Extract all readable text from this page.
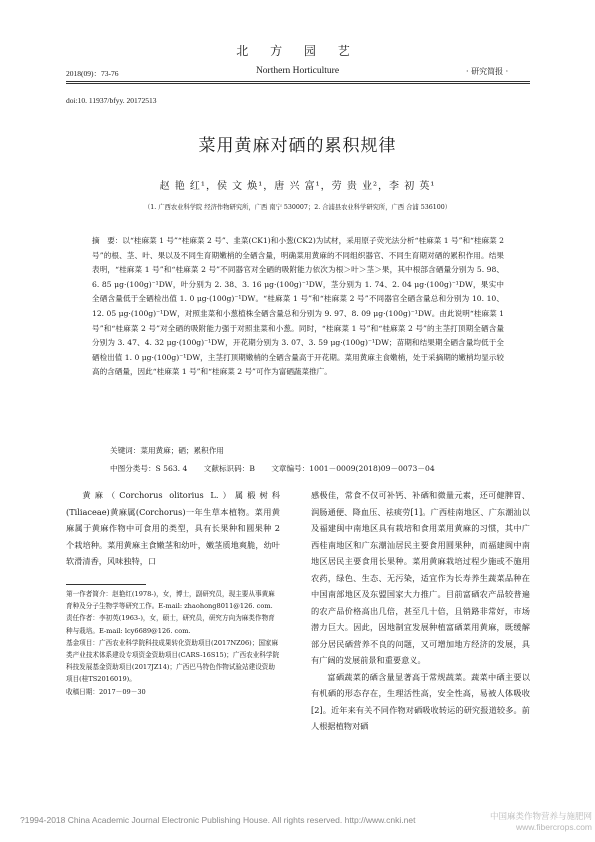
北 方 园 艺
2018(09)：73-76	Northern Horticulture	· 研究简报 ·
doi:10. 11937/bfyy. 20172513
菜用黄麻对硒的累积规律
赵 艳 红¹，侯 文 焕¹，唐 兴 富¹，劳 贵 业²，李 初 英¹
（1. 广西农业科学院 经济作物研究所，广西 南宁 530007；2. 合浦县农业科学研究所，广西 合浦 536100）
摘　要：以“桂麻菜 1 号”“桂麻菜 2 号”、韭菜(CK1)和小葱(CK2)为试材，采用原子荧光法分析“桂麻菜 1 号”和“桂麻菜 2 号”的根、茎、叶、果以及不同生育期嫩梢的全硒含量，明确菜用黄麻的不同组织器官、不同生育期对硒的累积作用。结果表明，“桂麻菜 1 号”和“桂麻菜 2 号”不同器官对全硒的吸附能力依次为根＞叶＞茎＞果，其中根部含硒量分别为 5. 98、6. 85 μg·(100g)⁻¹DW，叶分别为 2. 38、3. 16 μg·(100g)⁻¹DW，茎分别为 1. 74、2. 04 μg·(100g)⁻¹DW，果实中全硒含量低于全硒检出值 1. 0 μg·(100g)⁻¹DW。“桂麻菜 1 号”和“桂麻菜 2 号”不同器官全硒含量总和分别为 10. 10、12. 05 μg·(100g)⁻¹DW，对照韭菜和小葱植株全硒含量总和分别为 9. 97、8. 09 μg·(100g)⁻¹DW。由此说明“桂麻菜 1 号”和“桂麻菜 2 号”对全硒的吸附能力强于对照韭菜和小葱。同时，“桂麻菜 1 号”和“桂麻菜 2 号”的主茎打顶期全硒含量分别为 3. 47、4. 32 μg·(100g)⁻¹DW，开花期分别为 3. 07、3. 59 μg·(100g)⁻¹DW；苗期和结果期全硒含量均低于全硒检出值 1. 0 μg·(100g)⁻¹DW，主茎打顶期嫩梢的全硒含量高于开花期。菜用黄麻主食嫩梢，处于采摘期的嫩梢均显示较高的含硒量，因此“桂麻菜 1 号”和“桂麻菜 2 号”可作为富硒蔬菜推广。
关键词：菜用黄麻；硒；累积作用
中图分类号：S 563. 4 文献标识码：B 文章编号：1001－0009(2018)09－0073－04

黄麻（Corchorus olitorius L.）属椴树科(Tiliaceae)黄麻属(Corchorus)一年生草本植物。菜用黄麻属于黄麻作物中可食用的类型，具有长果种和圆果种 2 个栽培种。菜用黄麻主食嫩茎和幼叶，嫩茎质地爽脆，幼叶软滑清香，风味独特，口

第一作者简介：赵艳红(1978-)，女，博士，副研究员，现主要从事黄麻育种及分子生物学等研究工作。E-mail: zhaohong8011@126. com.
责任作者：李初英(1963-)，女，硕士，研究员，研究方向为麻类作物育种与栽培。E-mail: lcy6689@126. com.
基金项目：广西农业科学院科技成果转化资助项目(2017NZ06)；国家麻类产业技术体系建设专项资金资助项目(CARS-16S15)；广西农业科学院科技发展基金资助项目(2017JZ14)；广西巴马特色作物试验站建设资助项目(桂TS2016019)。
收稿日期：2017－09－30

感极佳，常食不仅可补钙、补硒和微量元素，还可健脾胃、润肠通便、降血压、祛痰劳[1]。广西桂南地区、广东潮汕以及福建闽中南地区具有栽培和食用菜用黄麻的习惯，其中广西桂南地区和广东潮汕居民主要食用圆果种，而福建闽中南地区居民主要食用长果种。菜用黄麻栽培过程少施或不施用农药，绿色、生态、无污染，适宜作为长寿养生蔬菜品种在中国南部地区及东盟国家大力推广。目前富硒农产品较普遍的农产品价格高出几倍，甚至几十倍，且销路非常好，市场潜力巨大。因此，因地制宜发展种植富硒菜用黄麻，既缓解部分居民硒营养不良的问题，又可增加地方经济的发展，具有广阔的发展前景和重要意义。

富硒蔬菜的硒含量显著高于常规蔬菜。蔬菜中硒主要以有机硒的形态存在，生理活性高，安全性高，易被人体吸收[2]。近年来有关不同作物对硒吸收转运的研究报道较多。前人根据植物对硒

?1994-2018 China Academic Journal Electronic Publishing House. All rights reserved. http://www.cnki.net	中国麻类作物营养与施肥网
www.fibercrops.com
